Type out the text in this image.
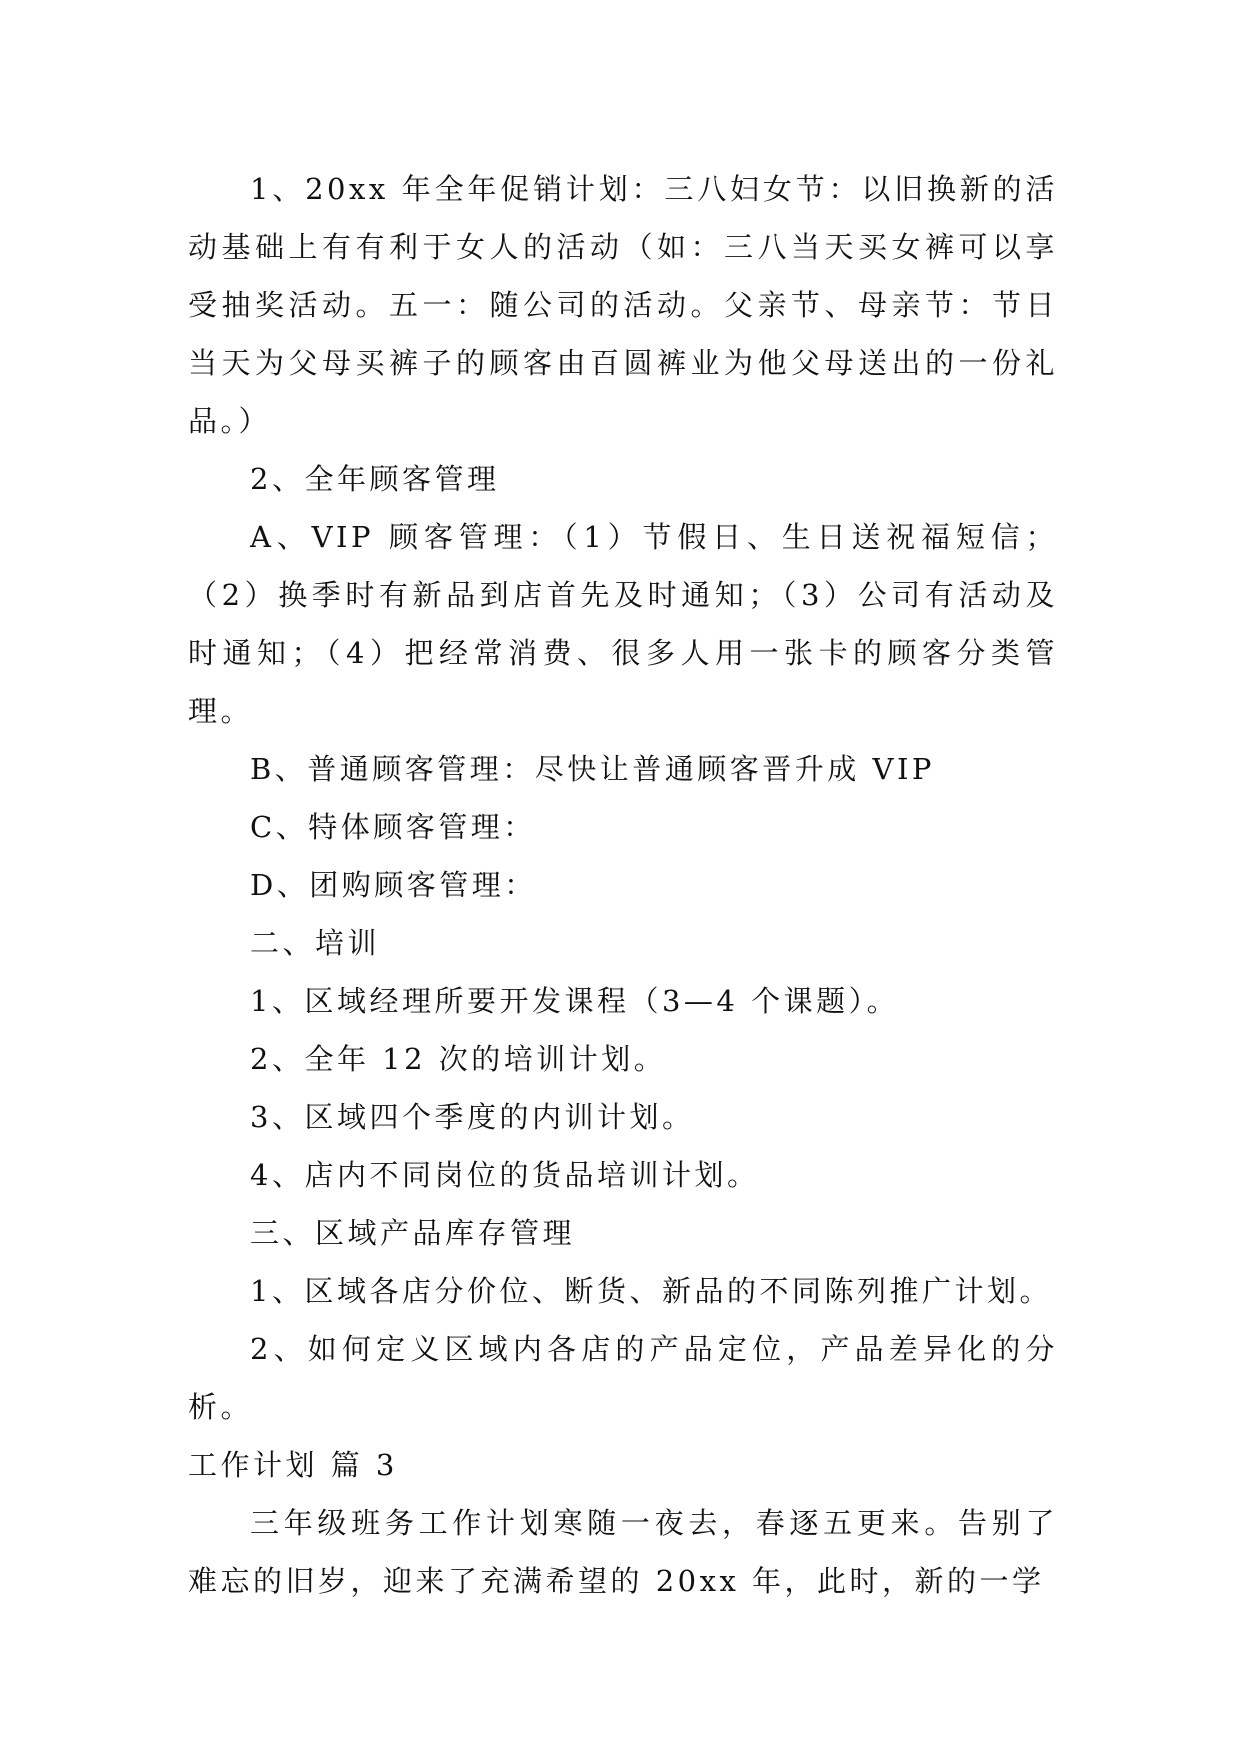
1、20xx 年全年促销计划：三八妇女节：以旧换新的活动基础上有有利于女人的活动（如：三八当天买女裤可以享受抽奖活动。五一：随公司的活动。父亲节、母亲节：节日当天为父母买裤子的顾客由百圆裤业为他父母送出的一份礼品。）

2、全年顾客管理

A、VIP 顾客管理：（1）节假日、生日送祝福短信；（2）换季时有新品到店首先及时通知；（3）公司有活动及时通知；（4）把经常消费、很多人用一张卡的顾客分类管理。

B、普通顾客管理：尽快让普通顾客晋升成 VIP

C、特体顾客管理：

D、团购顾客管理：

二、培训

1、区域经理所要开发课程（3—4 个课题）。

2、全年 12 次的培训计划。

3、区域四个季度的内训计划。

4、店内不同岗位的货品培训计划。

三、区域产品库存管理

1、区域各店分价位、断货、新品的不同陈列推广计划。

2、如何定义区域内各店的产品定位，产品差异化的分析。

工作计划 篇 3

三年级班务工作计划寒随一夜去，春逐五更来。告别了难忘的旧岁，迎来了充满希望的 20xx 年，此时，新的一学
